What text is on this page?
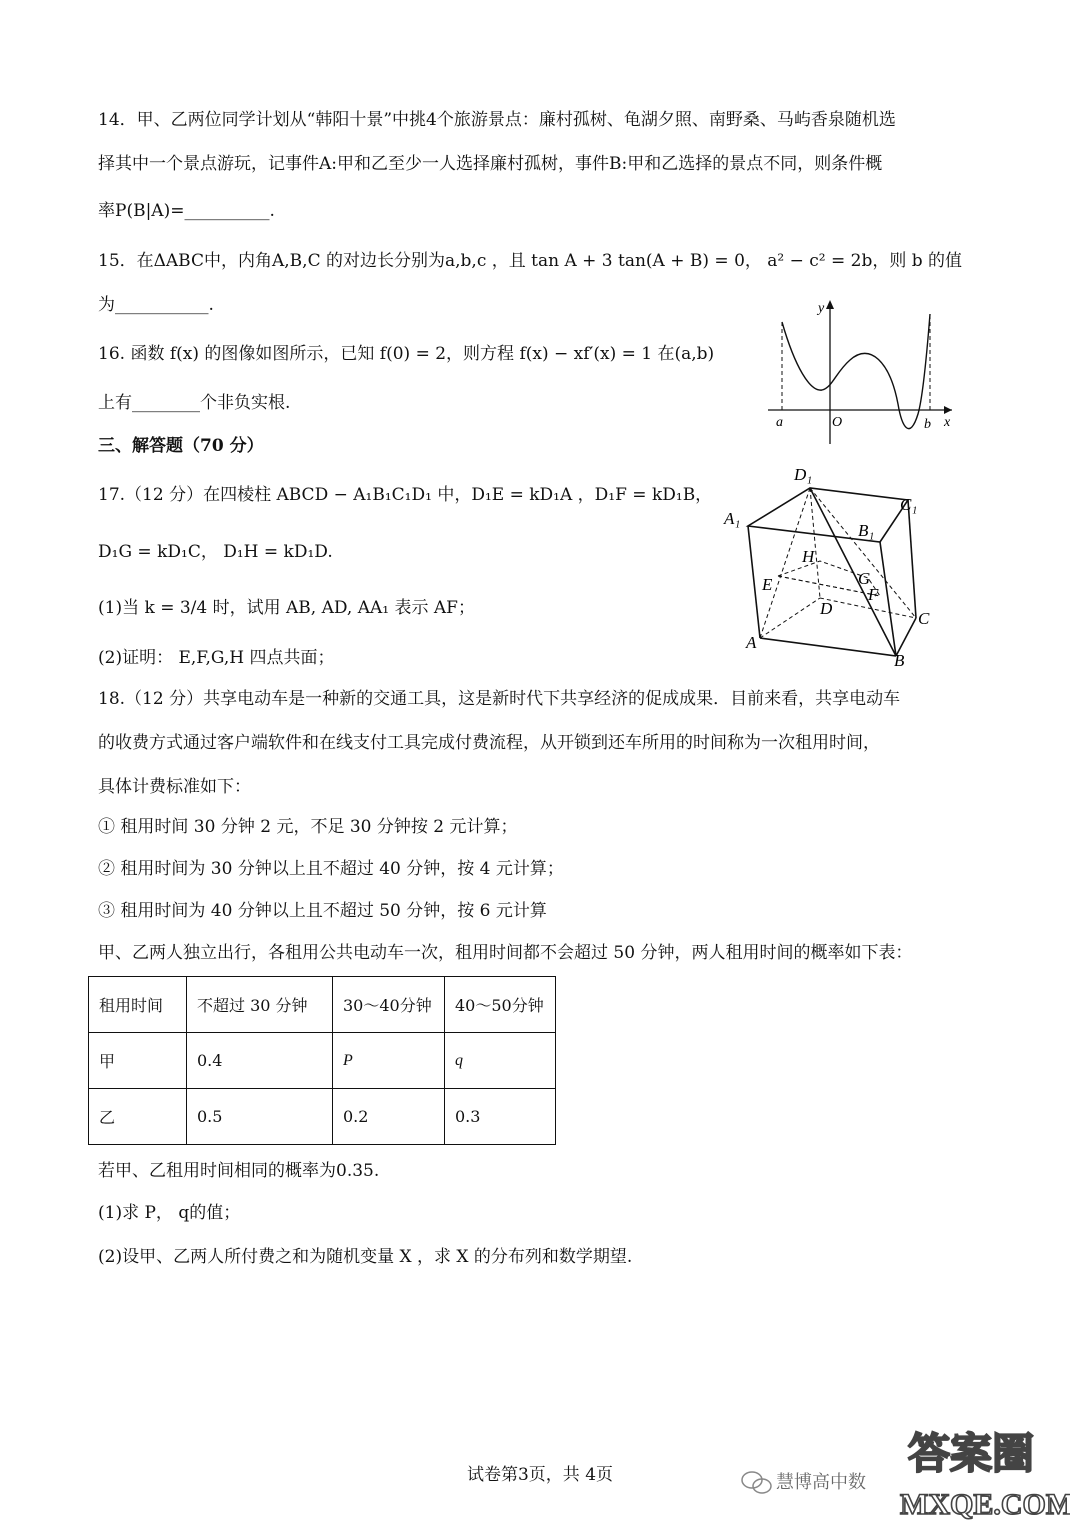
14．甲、乙两位同学计划从“韩阳十景”中挑4个旅游景点：廉村孤树、龟湖夕照、南野桑、马屿香泉随机选
择其中一个景点游玩，记事件A:甲和乙至少一人选择廉村孤树，事件B:甲和乙选择的景点不同，则条件概
率P(B|A)=__________.
15．在ΔABC中，内角A,B,C 的对边长分别为a,b,c ，且 tan A + 3 tan(A + B) = 0， a² − c² = 2b，则 b 的值
为___________.
16. 函数 f(x) 的图像如图所示，已知 f(0) = 2，则方程 f(x) − xf′(x) = 1 在(a,b)
上有________个非负实根.
y
x
O
a	b
三、解答题（70 分）
17.（12 分）在四棱柱 ABCD − A₁B₁C₁D₁ 中，D₁E = kD₁A ，D₁F = kD₁B，
D₁G = kD₁C， D₁H = kD₁D.
(1)当 k = 3/4 时，试用 AB, AD, AA₁ 表示 AF；
(2)证明： E,F,G,H 四点共面；
D₁
C₁
A₁
B₁
H
G
F
E
D
C
A
B
18.（12 分）共享电动车是一种新的交通工具，这是新时代下共享经济的促成成果．目前来看，共享电动车
的收费方式通过客户端软件和在线支付工具完成付费流程，从开锁到还车所用的时间称为一次租用时间，
具体计费标准如下：
① 租用时间 30 分钟 2 元，不足 30 分钟按 2 元计算；
② 租用时间为 30 分钟以上且不超过 40 分钟，按 4 元计算；
③ 租用时间为 40 分钟以上且不超过 50 分钟，按 6 元计算
甲、乙两人独立出行，各租用公共电动车一次，租用时间都不会超过 50 分钟，两人租用时间的概率如下表：
租用时间	不超过 30 分钟	30～40分钟	40～50分钟
甲	0.4	P	q
乙	0.5	0.2	0.3
若甲、乙租用时间相同的概率为0.35.
(1)求 P， q的值；
(2)设甲、乙两人所付费之和为随机变量 X ，求 X 的分布列和数学期望.
试卷第3页，共 4页	慧博高中数
答案圈
MXQE.COM
